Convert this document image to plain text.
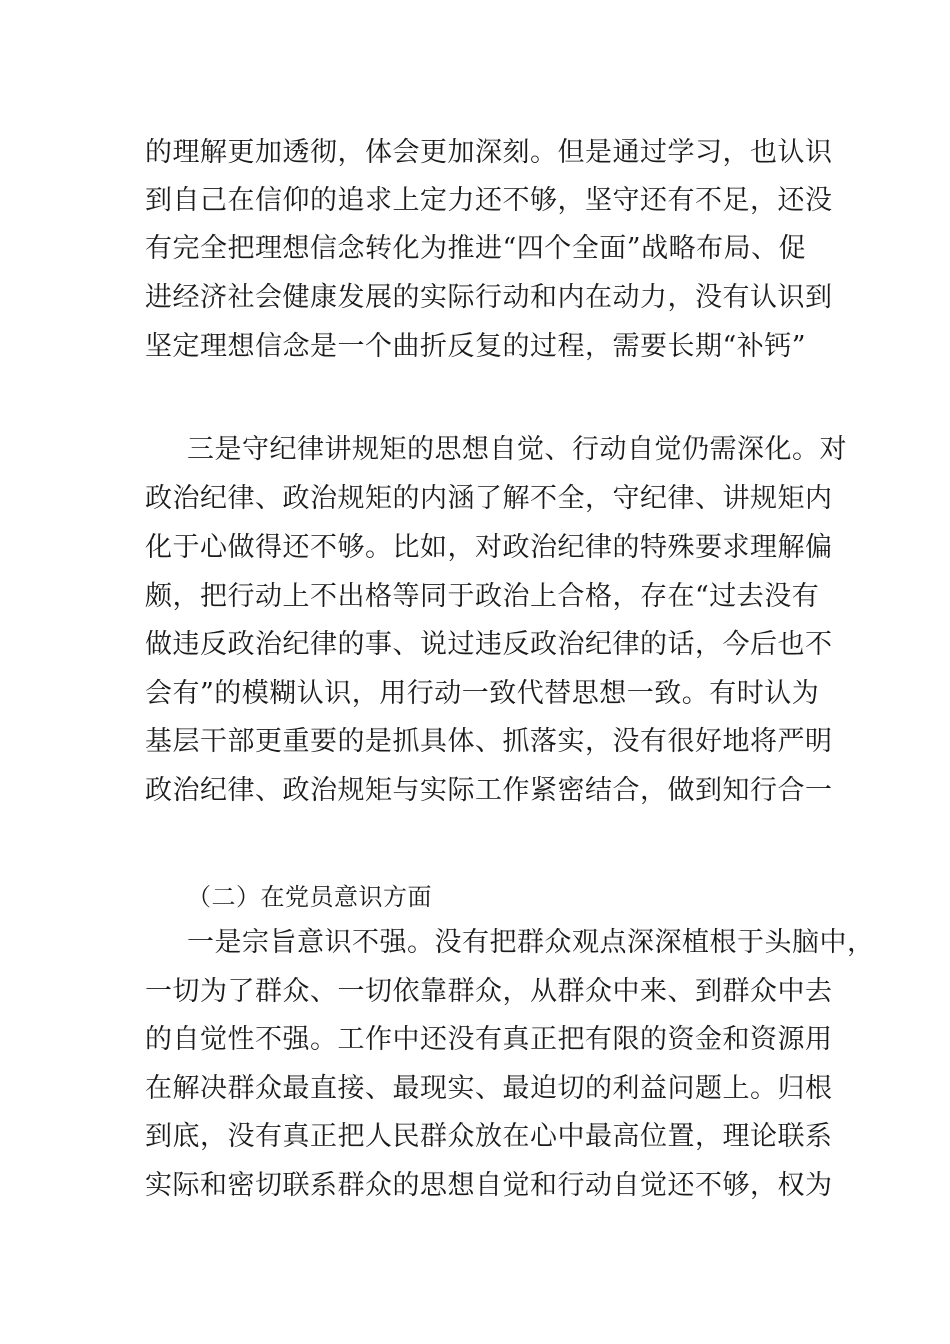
的理解更加透彻，体会更加深刻。但是通过学习，也认识
到自己在信仰的追求上定力还不够，坚守还有不足，还没
有完全把理想信念转化为推进“四个全面”战略布局、促
进经济社会健康发展的实际行动和内在动力，没有认识到
坚定理想信念是一个曲折反复的过程，需要长期“补钙”
三是守纪律讲规矩的思想自觉、行动自觉仍需深化。对
政治纪律、政治规矩的内涵了解不全，守纪律、讲规矩内
化于心做得还不够。比如，对政治纪律的特殊要求理解偏
颇，把行动上不出格等同于政治上合格，存在“过去没有
做违反政治纪律的事、说过违反政治纪律的话，今后也不
会有”的模糊认识，用行动一致代替思想一致。有时认为
基层干部更重要的是抓具体、抓落实，没有很好地将严明
政治纪律、政治规矩与实际工作紧密结合，做到知行合一
（二）在党员意识方面
一是宗旨意识不强。没有把群众观点深深植根于头脑中，
一切为了群众、一切依靠群众，从群众中来、到群众中去
的自觉性不强。工作中还没有真正把有限的资金和资源用
在解决群众最直接、最现实、最迫切的利益问题上。归根
到底，没有真正把人民群众放在心中最高位置，理论联系
实际和密切联系群众的思想自觉和行动自觉还不够，权为
